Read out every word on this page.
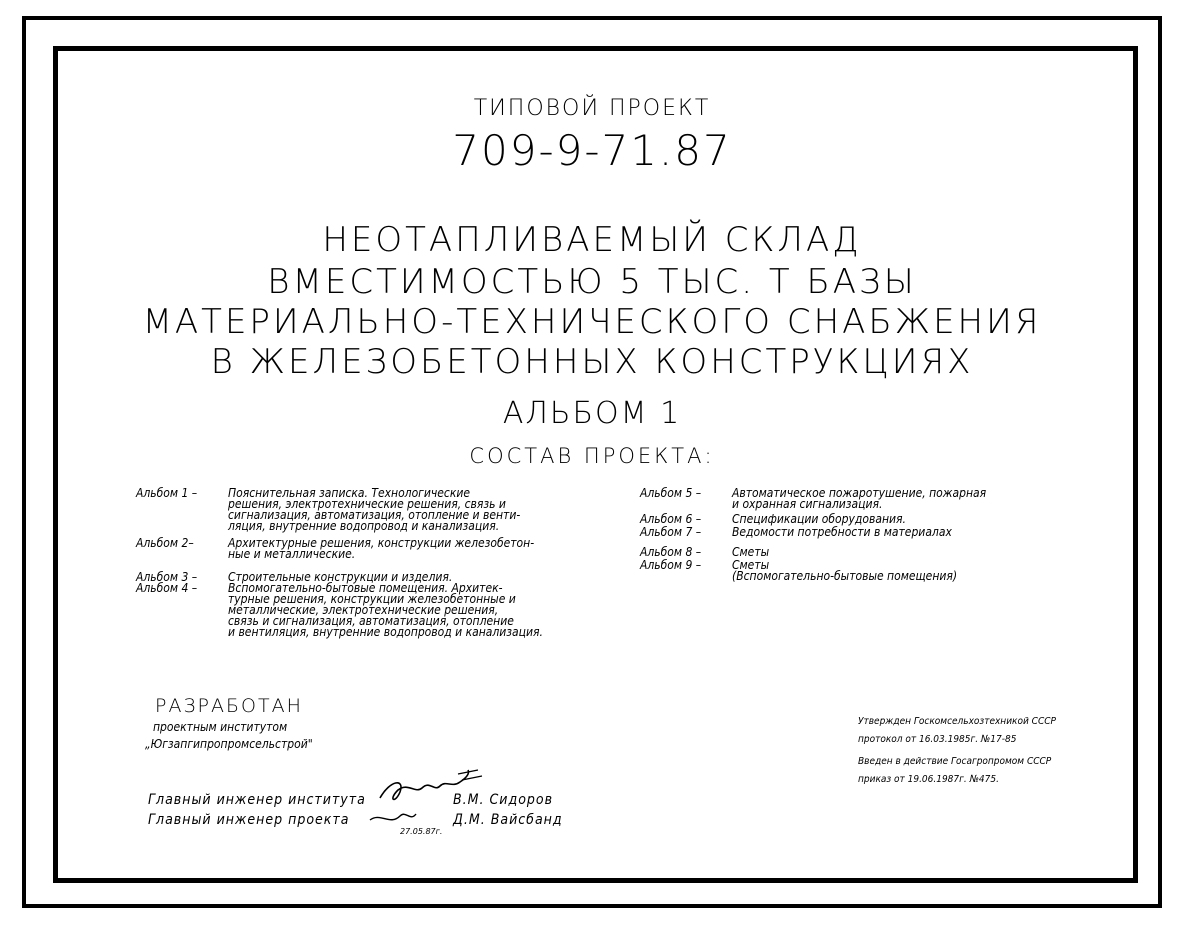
ТИПОВОЙ ПРОЕКТ
709-9-71.87
НЕОТАПЛИВАЕМЫЙ СКЛАД
ВМЕСТИМОСТЬЮ 5 ТЫС. Т БАЗЫ
МАТЕРИАЛЬНО-ТЕХНИЧЕСКОГО СНАБЖЕНИЯ
В ЖЕЛЕЗОБЕТОННЫХ КОНСТРУКЦИЯХ
АЛЬБОМ 1
СОСТАВ ПРОЕКТА:
Альбом 1 –	Пояснительная записка. Технологические
решения, электротехнические решения, связь и
сигнализация, автоматизация, отопление и венти-
ляция, внутренние водопровод и канализация.
Альбом 2–	Архитектурные решения, конструкции железобетон-
ные и металлические.
Альбом 3 –	Строительные конструкции и изделия.
Альбом 4 –	Вспомогательно-бытовые помещения. Архитек-
турные решения, конструкции железобетонные и
металлические, электротехнические решения,
связь и сигнализация, автоматизация, отопление
и вентиляция, внутренние водопровод и канализация.
Альбом 5 –	Автоматическое пожаротушение, пожарная
и охранная сигнализация.
Альбом 6 –	Спецификации оборудования.
Альбом 7 –	Ведомости потребности в материалах
Альбом 8 –	Сметы
Альбом 9 –	Сметы
(Вспомогательно-бытовые помещения)
РАЗРАБОТАН
проектным институтом
„Югзапгипропромсельстрой"
Главный инженер института	В.М. Сидоров
Главный инженер проекта	Д.М. Вайсбанд
27.05.87г.
Утвержден Госкомсельхозтехникой СССР
протокол от 16.03.1985г. №17-85
Введен в действие Госагропромом СССР
приказ от 19.06.1987г. №475.
